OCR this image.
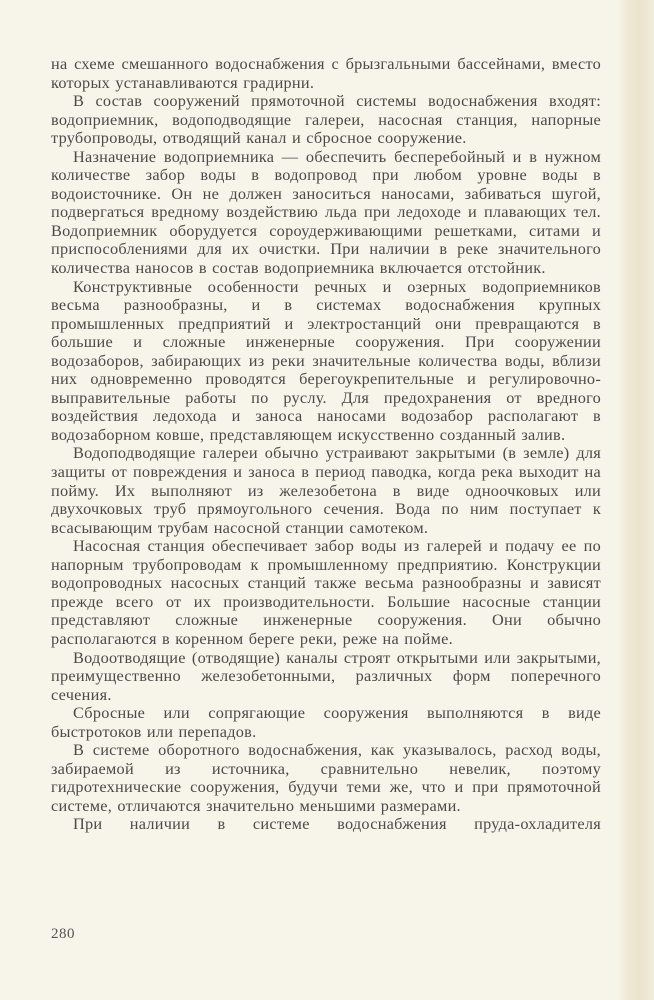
на схеме смешанного водоснабжения с брызгальными бассейнами, вместо которых устанавливаются градирни.

В состав сооружений прямоточной системы водоснабжения входят: водоприемник, водоподводящие галереи, насосная станция, напорные трубопроводы, отводящий канал и сбросное сооружение.

Назначение водоприемника — обеспечить бесперебойный и в нужном количестве забор воды в водопровод при любом уровне воды в водоисточнике. Он не должен заноситься наносами, забиваться шугой, подвергаться вредному воздействию льда при ледоходе и плавающих тел. Водоприемник оборудуется сороудерживающими решетками, ситами и приспособлениями для их очистки. При наличии в реке значительного количества наносов в состав водоприемника включается отстойник.

Конструктивные особенности речных и озерных водоприемников весьма разнообразны, и в системах водоснабжения крупных промышленных предприятий и электростанций они превращаются в большие и сложные инженерные сооружения. При сооружении водозаборов, забирающих из реки значительные количества воды, вблизи них одновременно проводятся берегоукрепительные и регулировочно-выправительные работы по руслу. Для предохранения от вредного воздействия ледохода и заноса наносами водозабор располагают в водозаборном ковше, представляющем искусственно созданный залив.

Водоподводящие галереи обычно устраивают закрытыми (в земле) для защиты от повреждения и заноса в период паводка, когда река выходит на пойму. Их выполняют из железобетона в виде одноочковых или двухочковых труб прямоугольного сечения. Вода по ним поступает к всасывающим трубам насосной станции самотеком.

Насосная станция обеспечивает забор воды из галерей и подачу ее по напорным трубопроводам к промышленному предприятию. Конструкции водопроводных насосных станций также весьма разнообразны и зависят прежде всего от их производительности. Большие насосные станции представляют сложные инженерные сооружения. Они обычно располагаются в коренном береге реки, реже на пойме.

Водоотводящие (отводящие) каналы строят открытыми или закрытыми, преимущественно железобетонными, различных форм поперечного сечения.

Сбросные или сопрягающие сооружения выполняются в виде быстротоков или перепадов.

В системе оборотного водоснабжения, как указывалось, расход воды, забираемой из источника, сравнительно невелик, поэтому гидротехнические сооружения, будучи теми же, что и при прямоточной системе, отличаются значительно меньшими размерами.

При наличии в системе водоснабжения пруда-охладителя

280
